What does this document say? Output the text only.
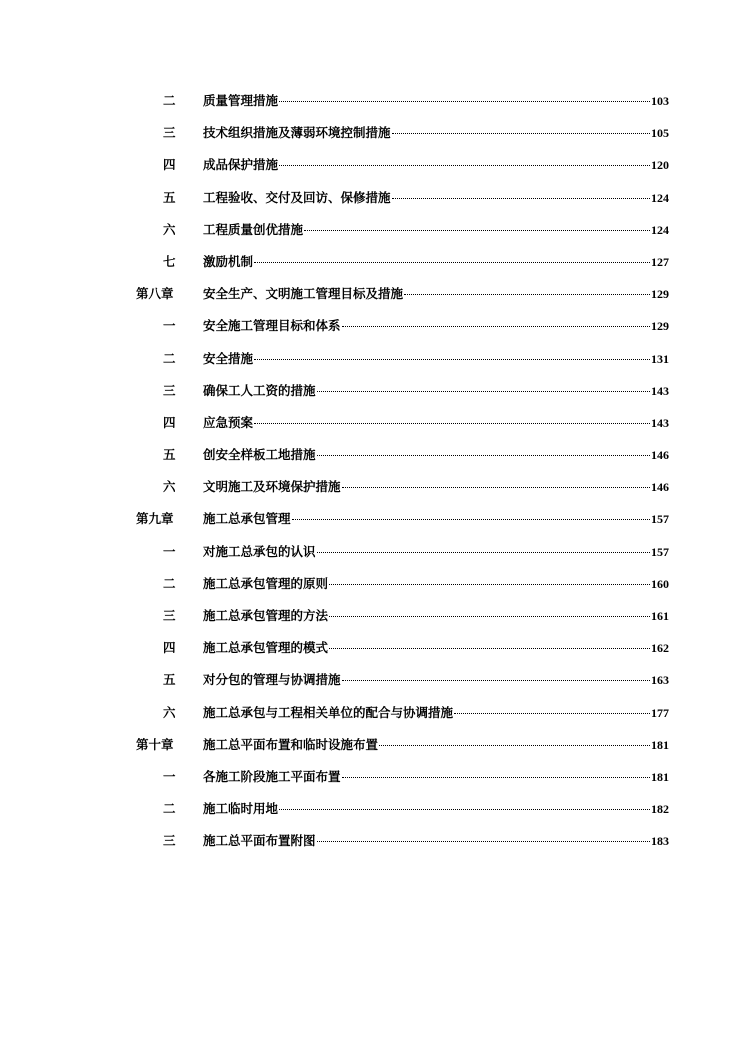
二 质量管理措施	103
三 技术组织措施及薄弱环境控制措施	105
四 成品保护措施	120
五 工程验收、交付及回访、保修措施	124
六 工程质量创优措施	124
七 激励机制	127
第八章 安全生产、文明施工管理目标及措施	129
一 安全施工管理目标和体系	129
二 安全措施	131
三 确保工人工资的措施	143
四 应急预案	143
五 创安全样板工地措施	146
六 文明施工及环境保护措施	146
第九章 施工总承包管理	157
一 对施工总承包的认识	157
二 施工总承包管理的原则	160
三 施工总承包管理的方法	161
四 施工总承包管理的模式	162
五 对分包的管理与协调措施	163
六 施工总承包与工程相关单位的配合与协调措施	177
第十章 施工总平面布置和临时设施布置	181
一 各施工阶段施工平面布置	181
二 施工临时用地	182
三 施工总平面布置附图	183
